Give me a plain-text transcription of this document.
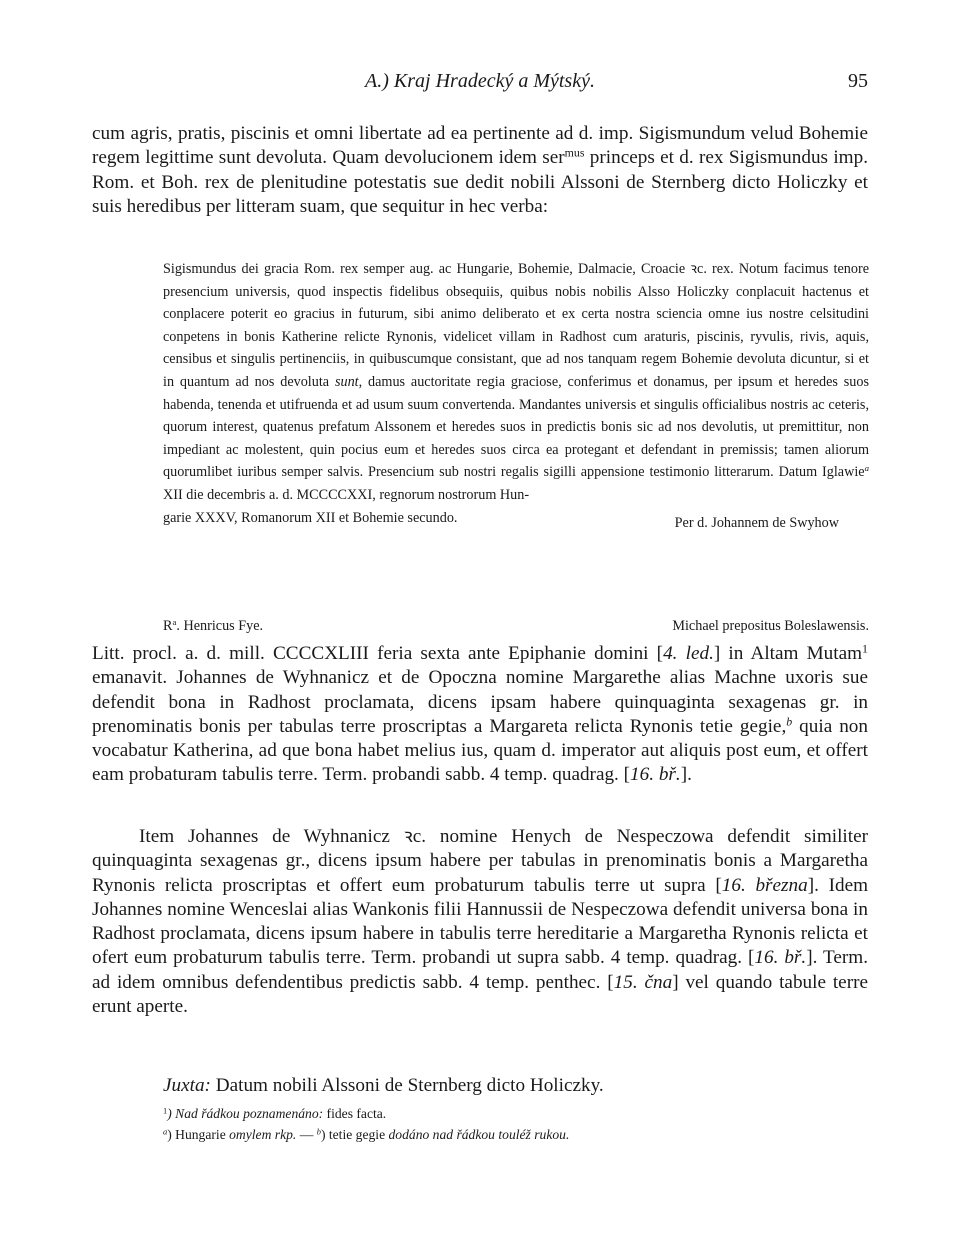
A.) Kraj Hradecký a Mýtský.	95
cum agris, pratis, piscinis et omni libertate ad ea pertinente ad d. imp. Sigismundum velud Bohemie regem legittime sunt devoluta. Quam devolucionem idem ser$^{mus}$ princeps et d. rex Sigismundus imp. Rom. et Boh. rex de plenitudine potestatis sue dedit nobili Alssoni de Sternberg dicto Holiczky et suis heredibus per litteram suam, que sequitur in hec verba:
Sigismundus dei gracia Rom. rex semper aug. ac Hungarie, Bohemie, Dalmacie, Croacie ꝛc. rex. Notum facimus tenore presencium universis, quod inspectis fidelibus obsequiis, quibus nobis nobilis Alsso Holiczky conplacuit hactenus et conplacere poterit eo gracius in futurum, sibi animo deliberato et ex certa nostra sciencia omne ius nostre celsitudini conpetens in bonis Katherine relicte Rynonis, videlicet villam in Radhost cum araturis, piscinis, ryvulis, rivis, aquis, censibus et singulis pertinenciis, in quibuscumque consistant, que ad nos tanquam regem Bohemie devoluta dicuntur, si et in quantum ad nos devoluta sunt, damus auctoritate regia graciose, conferimus et donamus, per ipsum et heredes suos habenda, tenenda et utifruenda et ad usum suum convertenda. Mandantes universis et singulis officialibus nostris ac ceteris, quorum interest, quatenus prefatum Alssonem et heredes suos in predictis bonis sic ad nos devolutis, ut premittitur, non impediant ac molestent, quin pocius eum et heredes suos circa ea protegant et defendant in premissis; tamen aliorum quorumlibet iuribus semper salvis. Presencium sub nostri regalis sigilli appensione testimonio litterarum. Datum Iglawie$^a$ XII die decembris a. d. MCCCCXXI, regnorum nostrorum Hun-
garie XXXV, Romanorum XII et Bohemie secundo.	Per d. Johannem de Swyhow
$R^a$. Henricus Fye.	Michael prepositus Boleslawensis.
Litt. procl. a. d. mill. CCCCXLIII feria sexta ante Epiphanie domini [4. led.] in Altam Mutam$^1$ emanavit. Johannes de Wyhnanicz et de Opoczna nomine Margarethe alias Machne uxoris sue defendit bona in Radhost proclamata, dicens ipsam habere quinquaginta sexagenas gr. in prenominatis bonis per tabulas terre proscriptas a Margareta relicta Rynonis tetie gegie,$^b$ quia non vocabatur Katherina, ad que bona habet melius ius, quam d. imperator aut aliquis post eum, et offert eam probaturam tabulis terre. Term. probandi sabb. 4 temp. quadrag. [16. bř.].
Item Johannes de Wyhnanicz ꝛc. nomine Henych de Nespeczowa defendit similiter quinquaginta sexagenas gr., dicens ipsum habere per tabulas in prenominatis bonis a Margaretha Rynonis relicta proscriptas et offert eum probaturum tabulis terre ut supra [16. března]. Idem Johannes nomine Wenceslai alias Wankonis filii Hannussii de Nespeczowa defendit universa bona in Radhost proclamata, dicens ipsum habere in tabulis terre hereditarie a Margaretha Rynonis relicta et ofert eum probaturum tabulis terre. Term. probandi ut supra sabb. 4 temp. quadrag. [16. bř.]. Term. ad idem omnibus defendentibus predictis sabb. 4 temp. penthec. [15. čna] vel quando tabule terre erunt aperte.
Juxta: Datum nobili Alssoni de Sternberg dicto Holiczky.
$^1$) Nad řádkou poznamenáno: fides facta.
$^a$) Hungarie omylem rkp. — $^b$) tetie gegie dodáno nad řádkou touléž rukou.
